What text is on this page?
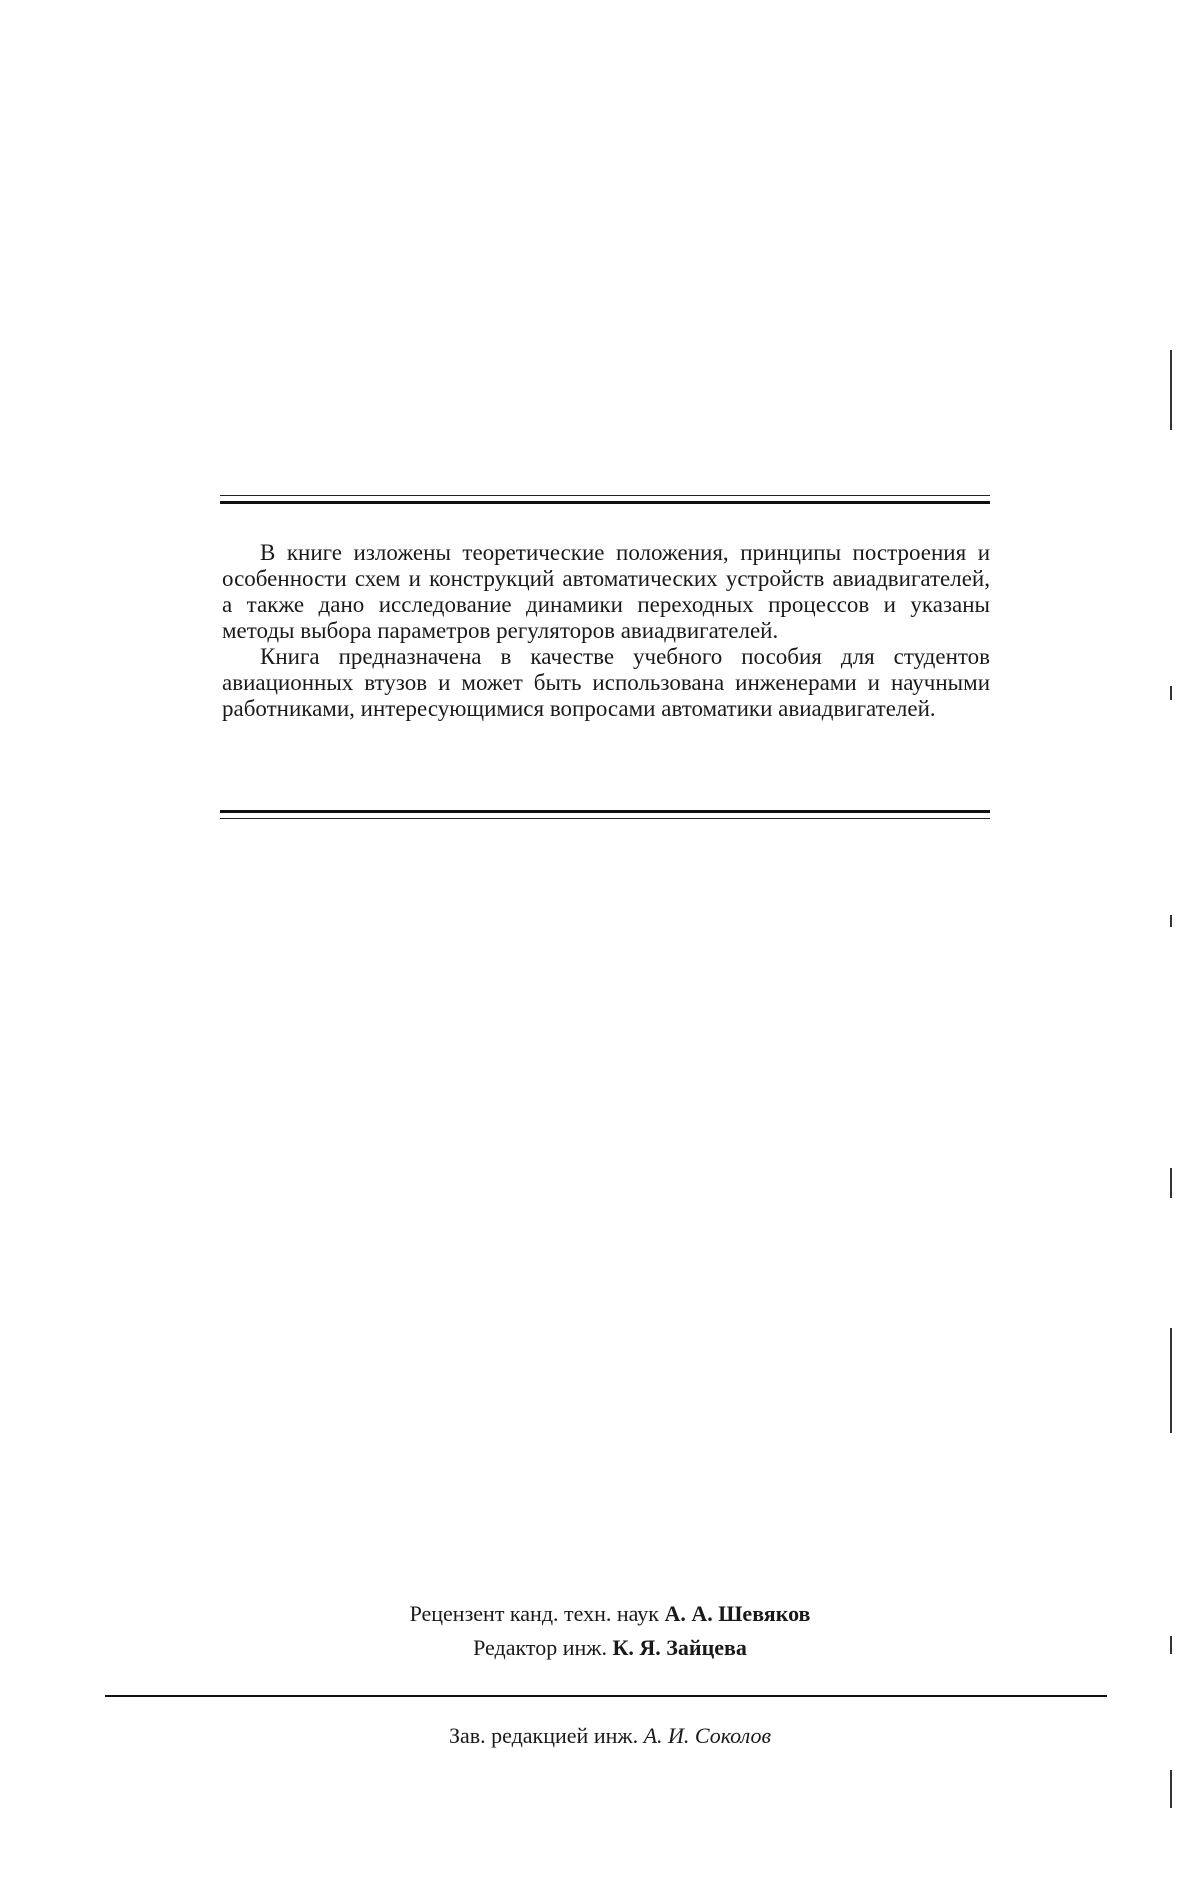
В книге изложены теоретические положения, принципы построения и особенности схем и конструкций автоматических устройств авиадвигателей, а также дано исследование динамики переходных процессов и указаны методы выбора параметров регуляторов авиадвигателей.

Книга предназначена в качестве учебного пособия для студентов авиационных втузов и может быть использована инженерами и научными работниками, интересующимися вопросами автоматики авиадвигателей.

Рецензент канд. техн. наук А. А. Шевяков
Редактор инж. К. Я. Зайцева
Зав. редакцией инж. А. И. Соколов
